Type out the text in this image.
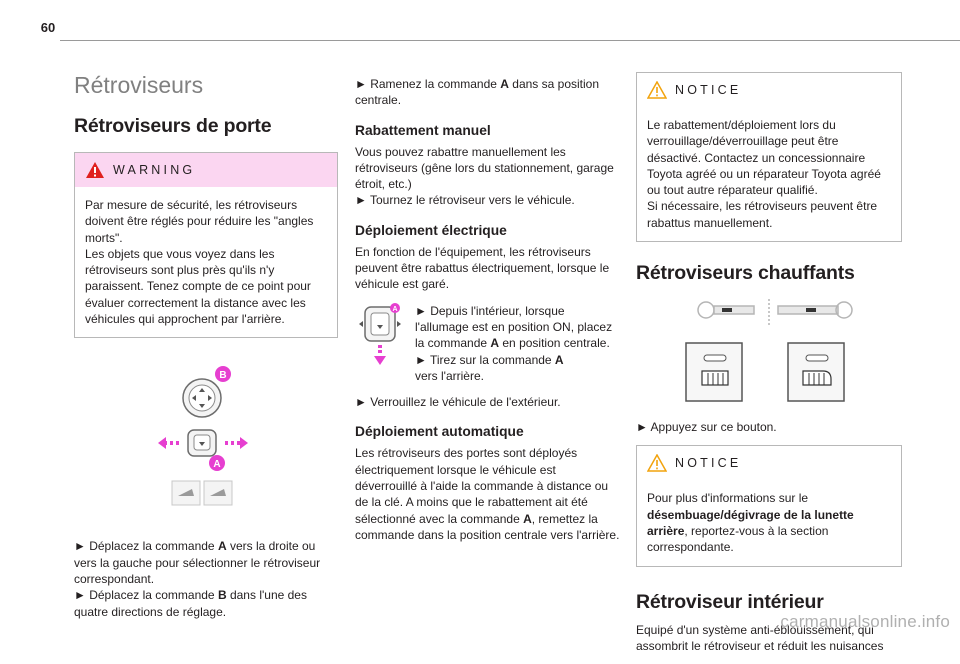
60
Rétroviseurs
Rétroviseurs de porte
WARNING

Par mesure de sécurité, les rétroviseurs doivent être réglés pour réduire les "angles morts".
Les objets que vous voyez dans les rétroviseurs sont plus près qu'ils n'y paraissent. Tenez compte de ce point pour évaluer correctement la distance avec les véhicules qui approchent par l'arrière.

B
A

► Déplacez la commande A vers la droite ou vers la gauche pour sélectionner le rétroviseur correspondant.

► Déplacez la commande B dans l'une des quatre directions de réglage.

► Ramenez la commande A dans sa position centrale.

Rabattement manuel

Vous pouvez rabattre manuellement les rétroviseurs (gêne lors du stationnement, garage étroit, etc.)
► Tournez le rétroviseur vers le véhicule.

Déploiement électrique

En fonction de l'équipement, les rétroviseurs peuvent être rabattus électriquement, lorsque le véhicule est garé.

A ► Depuis l'intérieur, lorsque l'allumage est en position ON, placez la commande A en position centrale.

► Tirez sur la commande A
vers l'arrière.

► Verrouillez le véhicule de l'extérieur.

Déploiement automatique

Les rétroviseurs des portes sont déployés électriquement lorsque le véhicule est déverrouillé à l'aide la commande à distance ou de la clé. A moins que le rabattement ait été sélectionné avec la commande A, remettez la commande dans la position centrale vers l'arrière.

NOTICE

Le rabattement/déploiement lors du verrouillage/déverrouillage peut être désactivé. Contactez un concessionnaire Toyota agréé ou un réparateur Toyota agréé ou tout autre réparateur qualifié.
Si nécessaire, les rétroviseurs peuvent être rabattus manuellement.

Rétroviseurs chauffants

► Appuyez sur ce bouton.

NOTICE

Pour plus d'informations sur le désembuage/dégivrage de la lunette arrière, reportez-vous à la section correspondante.

Rétroviseur intérieur

Equipé d'un système anti-éblouissement, qui assombrit le rétroviseur et réduit les nuisances

carmanualsonline.info
